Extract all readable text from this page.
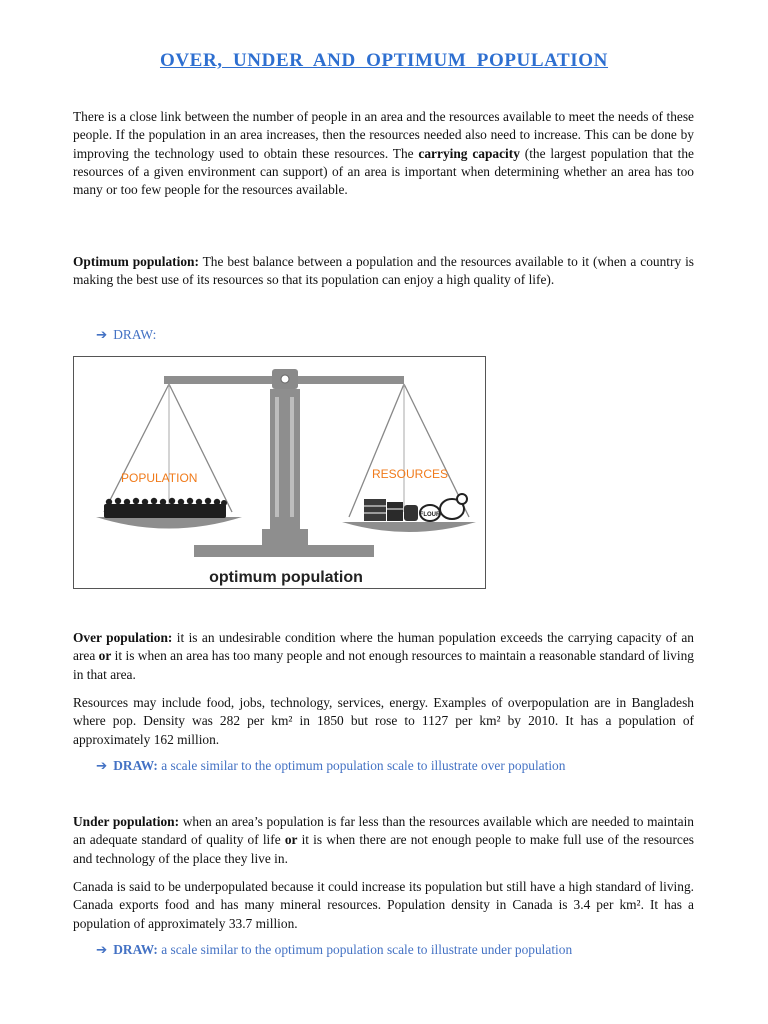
OVER, UNDER AND OPTIMUM POPULATION
There is a close link between the number of people in an area and the resources available to meet the needs of these people. If the population in an area increases, then the resources needed also need to increase. This can be done by improving the technology used to obtain these resources. The carrying capacity (the largest population that the resources of a given environment can support) of an area is important when determining whether an area has too many or too few people for the resources available.
Optimum population: The best balance between a population and the resources available to it (when a country is making the best use of its resources so that its population can enjoy a high quality of life).
➔ DRAW:
FLOUR
POPULATION	RESOURCES
optimum population
Over population: it is an undesirable condition where the human population exceeds the carrying capacity of an area or it is when an area has too many people and not enough resources to maintain a reasonable standard of living in that area.
Resources may include food, jobs, technology, services, energy. Examples of overpopulation are in Bangladesh where pop. Density was 282 per km² in 1850 but rose to 1127 per km² by 2010. It has a population of approximately 162 million.
➔ DRAW: a scale similar to the optimum population scale to illustrate over population
Under population: when an area’s population is far less than the resources available which are needed to maintain an adequate standard of quality of life or it is when there are not enough people to make full use of the resources and technology of the place they live in.
Canada is said to be underpopulated because it could increase its population but still have a high standard of living. Canada exports food and has many mineral resources. Population density in Canada is 3.4 per km². It has a population of approximately 33.7 million.
➔ DRAW: a scale similar to the optimum population scale to illustrate under population
